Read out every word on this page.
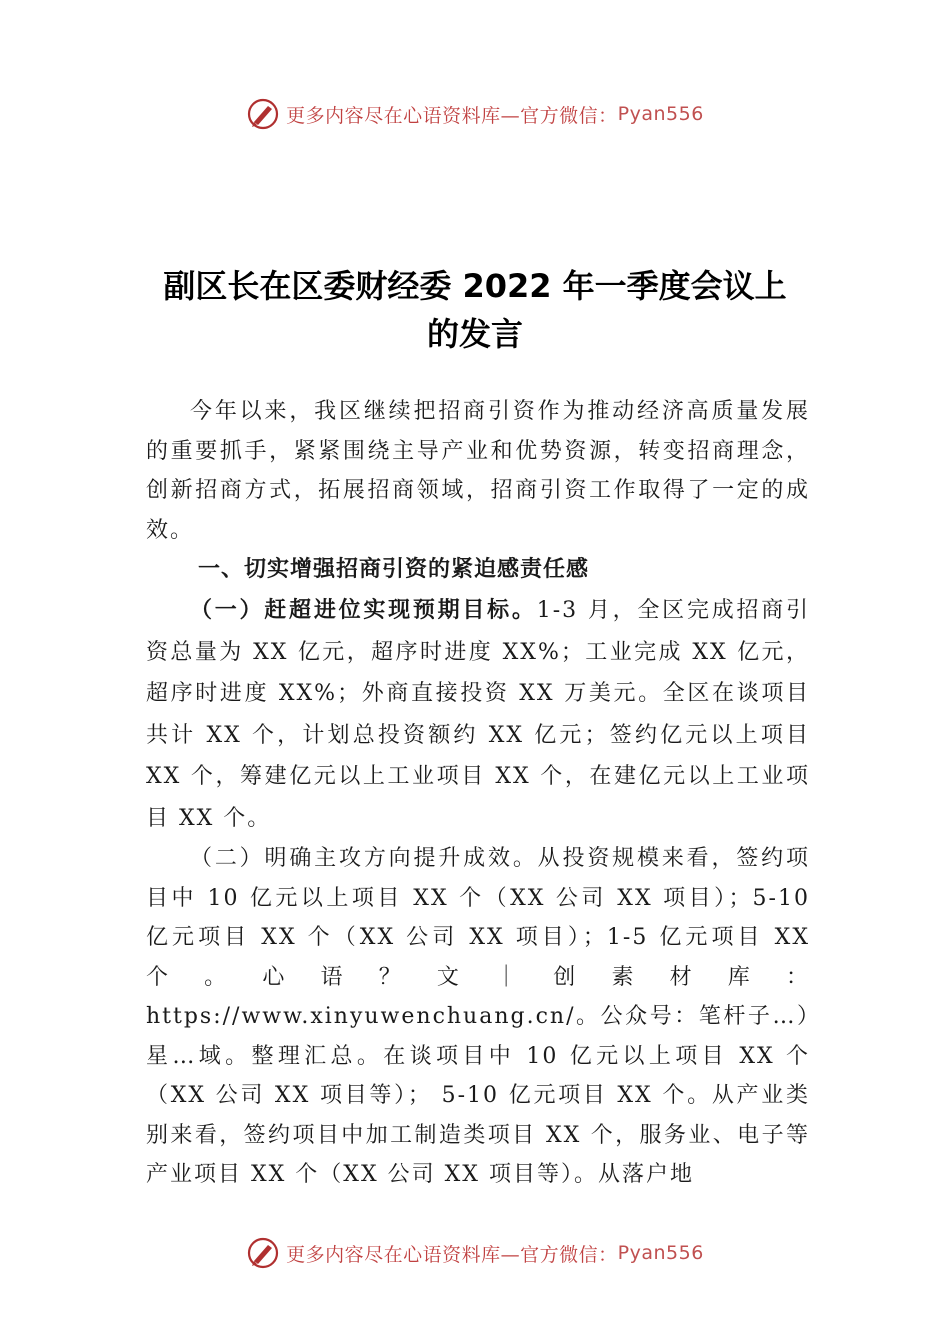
更多内容尽在心语资料库—官方微信： Pyan556
副区长在区委财经委 2022 年一季度会议上
的发言

今年以来，我区继续把招商引资作为推动经济高质量发展的重要抓手，紧紧围绕主导产业和优势资源，转变招商理念，创新招商方式，拓展招商领域，招商引资工作取得了一定的成效。

一、切实增强招商引资的紧迫感责任感

（一）赶超进位实现预期目标。1-3 月，全区完成招商引资总量为 XX 亿元，超序时进度 XX%；工业完成 XX 亿元，超序时进度 XX%；外商直接投资 XX 万美元。全区在谈项目共计 XX 个，计划总投资额约 XX 亿元；签约亿元以上项目 XX 个，筹建亿元以上工业项目 XX 个，在建亿元以上工业项目 XX 个。

（二）明确主攻方向提升成效。从投资规模来看，签约项目中 10 亿元以上项目 XX 个（XX 公司 XX 项目）；5-10 亿元项目 XX 个（XX 公司 XX 项目）；1-5 亿元项目 XX 个。心语？文｜创素材库：https://www.xinyuwenchuang.cn/。公众号：笔杆子…）星…域。整理汇总。在谈项目中 10 亿元以上项目 XX 个（XX 公司 XX 项目等）； 5-10 亿元项目 XX 个。从产业类别来看，签约项目中加工制造类项目 XX 个，服务业、电子等产业项目 XX 个（XX 公司 XX 项目等）。从落户地

更多内容尽在心语资料库—官方微信： Pyan556
